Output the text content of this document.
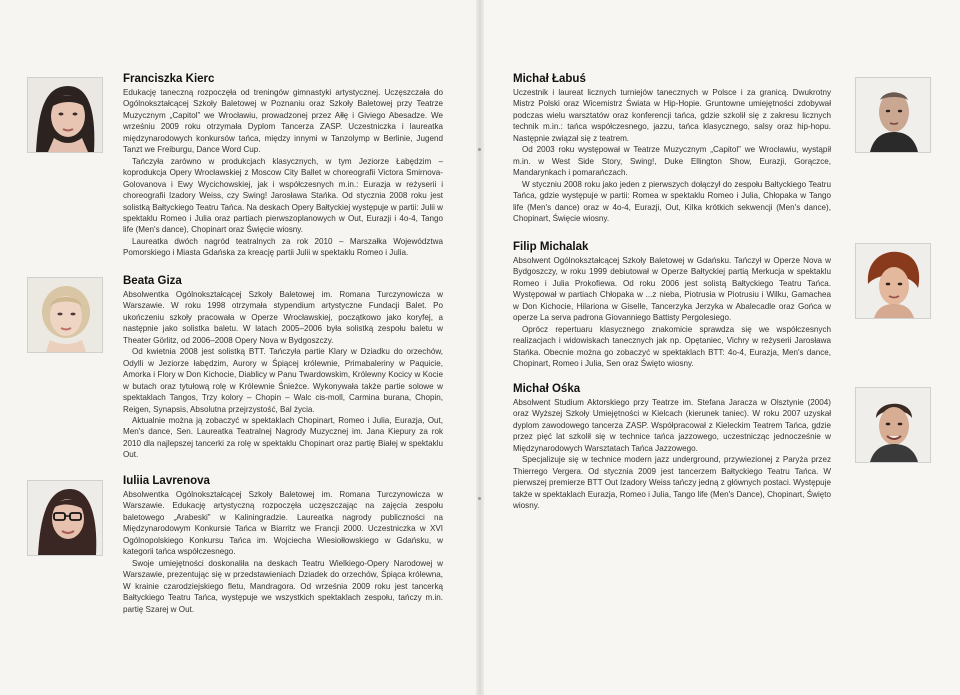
Franciszka Kierc

Edukację taneczną rozpoczęła od treningów gimnastyki artystycznej. Uczęszczała do Ogólnokształcącej Szkoły Baletowej w Poznaniu oraz Szkoły Baletowej przy Teatrze Muzycznym „Capitol” we Wrocławiu, prowadzonej przez Ałłę i Giviego Abesadze. We wrześniu 2009 roku otrzymała Dyplom Tancerza ZASP. Uczestniczka i laureatka międzynarodowych konkursów tańca, między innymi w Tanzolymp w Berlinie, Jugend Tanzt we Freiburgu, Dance Word Cup.

Tańczyła zarówno w produkcjach klasycznych, w tym Jeziorze Łabędzim – koprodukcja Opery Wrocławskiej z Moscow City Ballet w choreografii Victora Smirnova-Golovanova i Ewy Wycichowskiej, jak i współczesnych m.in.: Eurazja w reżyserii i choreografii Izadory Weiss, czy Swing! Jarosława Stańka. Od stycznia 2008 roku jest solistką Bałtyckiego Teatru Tańca. Na deskach Opery Bałtyckiej występuje w partii: Julii w spektaklu Romeo i Julia oraz partiach pierwszoplanowych w Out, Eurazji i 4o-4, Tango life (Men's dance), Chopinart oraz Święcie wiosny.

Laureatka dwóch nagród teatralnych za rok 2010 – Marszałka Województwa Pomorskiego i Miasta Gdańska za kreację partii Julii w spektaklu Romeo i Julia.

Beata Giza

Absolwentka Ogólnokształcącej Szkoły Baletowej im. Romana Turczynowicza w Warszawie. W roku 1998 otrzymała stypendium artystyczne Fundacji Balet. Po ukończeniu szkoły pracowała w Operze Wrocławskiej, początkowo jako koryfej, a następnie jako solistka baletu. W latach 2005–2006 była solistką zespołu baletu w Theater Görlitz, od 2006–2008 Opery Nova w Bydgoszczy.

Od kwietnia 2008 jest solistką BTT. Tańczyła partie Klary w Dziadku do orzechów, Odylli w Jeziorze łabędzim, Aurory w Śpiącej królewnie, Primabaleriny w Paquicie, Amorka i Flory w Don Kichocie, Diablicy w Panu Twardowskim, Królewny Kocicy w Kocie w butach oraz tytułową rolę w Królewnie Śnieżce. Wykonywała także partie solowe w spektaklach Tangos, Trzy kolory – Chopin – Walc cis-moll, Carmina burana, Chopin, Reigen, Synapsis, Absolutna przejrzystość, Bal życia.

Aktualnie można ją zobaczyć w spektaklach Chopinart, Romeo i Julia, Eurazja, Out, Men's dance, Sen. Laureatka Teatralnej Nagrody Muzycznej im. Jana Kiepury za rok 2010 dla najlepszej tancerki za rolę w spektaklu Chopinart oraz partię Białej w spektaklu Out.

Iuliia Lavrenova

Absolwentka Ogólnokształcącej Szkoły Baletowej im. Romana Turczynowicza w Warszawie. Edukację artystyczną rozpoczęła uczęszczając na zajęcia zespołu baletowego „Arabeski” w Kaliningradzie. Laureatka nagrody publiczności na Międzynarodowym Konkursie Tańca w Biarritz we Francji 2000. Uczestniczka w XVI Ogólnopolskiego Konkursu Tańca im. Wojciecha Wiesiołłowskiego w Gdańsku, w kategorii tańca współczesnego.

Swoje umiejętności doskonaliła na deskach Teatru Wielkiego-Opery Narodowej w Warszawie, prezentując się w przedstawieniach Dziadek do orzechów, Śpiąca królewna, W krainie czarodziejskiego fletu, Mandragora. Od września 2009 roku jest tancerką Bałtyckiego Teatru Tańca, występuje we wszystkich spektaklach zespołu, tańczy m.in. partię Szarej w Out.

Michał Łabuś

Uczestnik i laureat licznych turniejów tanecznych w Polsce i za granicą. Dwukrotny Mistrz Polski oraz Wicemistrz Świata w Hip-Hopie. Gruntowne umiejętności zdobywał podczas wielu warsztatów oraz konferencji tańca, gdzie szkolił się z zakresu licznych technik m.in.: tańca współczesnego, jazzu, tańca klasycznego, salsy oraz hip-hopu. Następnie związał się z teatrem.

Od 2003 roku występował w Teatrze Muzycznym „Capitol” we Wrocławiu, wystąpił m.in. w West Side Story, Swing!, Duke Ellington Show, Eurazji, Gorączce, Mandarynkach i pomarańczach.

W styczniu 2008 roku jako jeden z pierwszych dołączył do zespołu Bałtyckiego Teatru Tańca, gdzie występuje w partii: Romea w spektaklu Romeo i Julia, Chłopaka w Tango life (Men's dance) oraz w 4o-4, Eurazji, Out, Kilka krótkich sekwencji (Men's dance), Chopinart, Święcie wiosny.

Filip Michalak

Absolwent Ogólnokształcącej Szkoły Baletowej w Gdańsku. Tańczył w Operze Nova w Bydgoszczy, w roku 1999 debiutował w Operze Bałtyckiej partią Merkucja w spektaklu Romeo i Julia Prokofiewa. Od roku 2006 jest solistą Bałtyckiego Teatru Tańca. Występował w partiach Chłopaka w ...z nieba, Piotrusia w Piotrusiu i Wilku, Gamachea w Don Kichocie, Hilariona w Giselle, Tancerzyka Jerzyka w Abalecadle oraz Gońca w operze La serva padrona Giovanniego Battisty Pergolesiego.

Oprócz repertuaru klasycznego znakomicie sprawdza się we współczesnych realizacjach i widowiskach tanecznych jak np. Opętaniec, Vichry w reżyserii Jarosława Stańka. Obecnie można go zobaczyć w spektaklach BTT: 4o-4, Eurazja, Men's dance, Chopinart, Romeo i Julia, Sen oraz Święto wiosny.

Michał Ośka

Absolwent Studium Aktorskiego przy Teatrze im. Stefana Jaracza w Olsztynie (2004) oraz Wyższej Szkoły Umiejętności w Kielcach (kierunek taniec). W roku 2007 uzyskał dyplom zawodowego tancerza ZASP. Współpracował z Kieleckim Teatrem Tańca, gdzie przez pięć lat szkolił się w technice tańca jazzowego, uczestnicząc jednocześnie w Międzynarodowych Warsztatach Tańca Jazzowego.

Specjalizuje się w technice modern jazz underground, przywiezionej z Paryża przez Thierrego Vergera. Od stycznia 2009 jest tancerzem Bałtyckiego Teatru Tańca. W pierwszej premierze BTT Out Izadory Weiss tańczy jedną z głównych postaci. Występuje także w spektaklach Eurazja, Romeo i Julia, Tango life (Men's Dance), Chopinart, Święto wiosny.
